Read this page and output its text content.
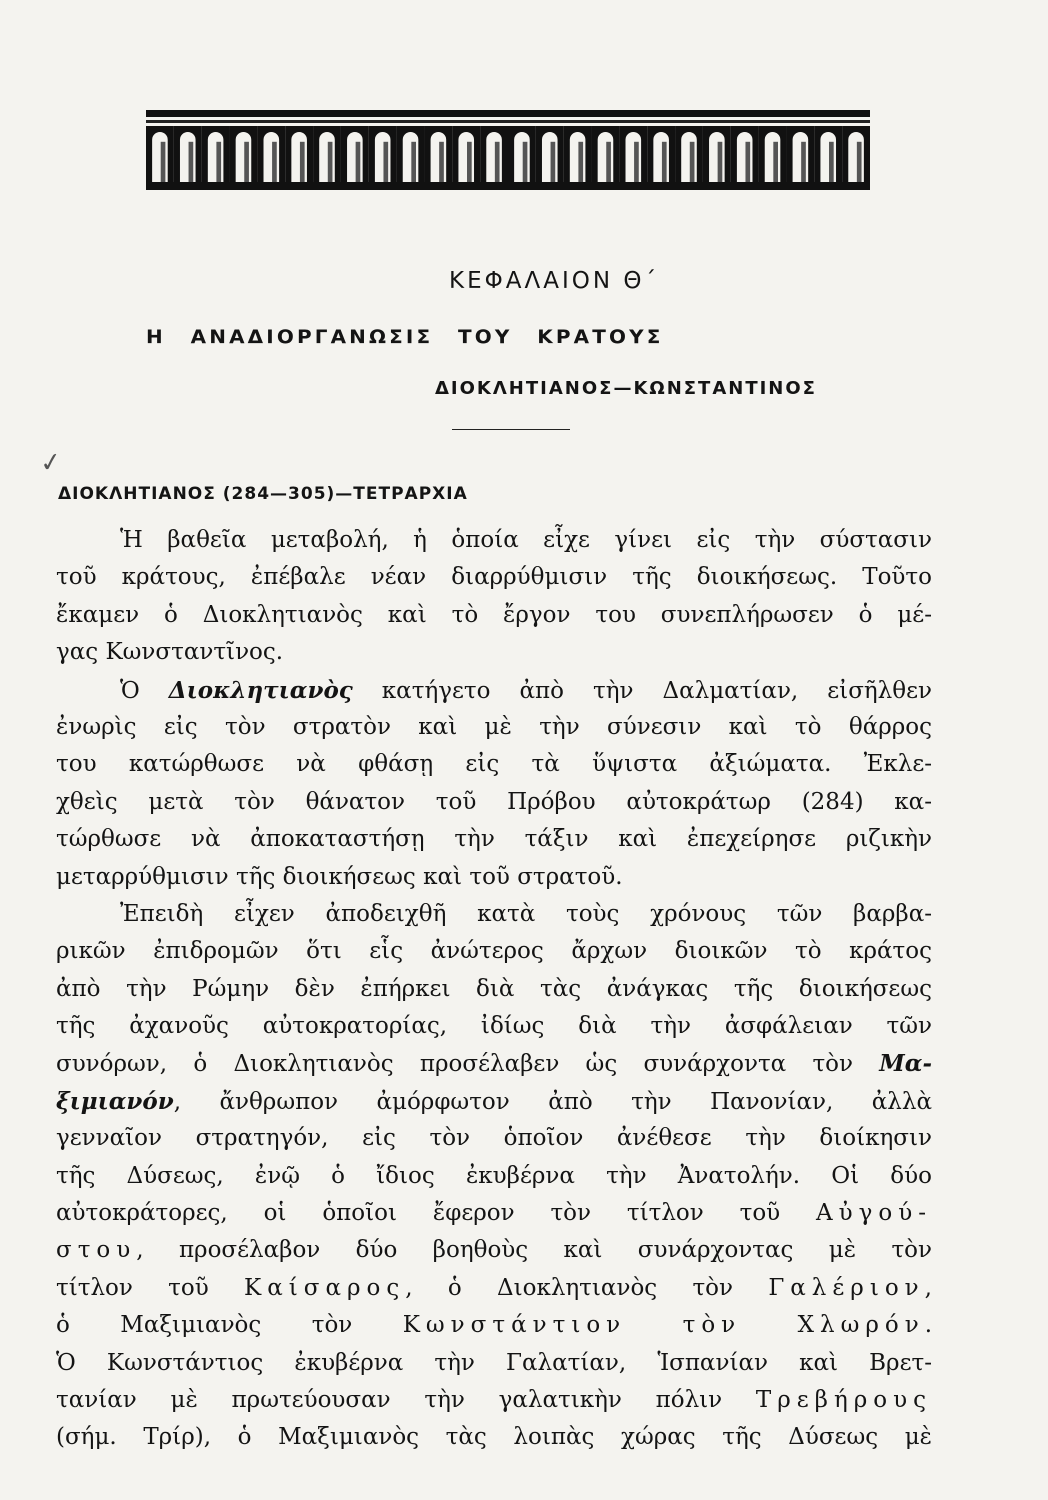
ΚΕΦΑΛΑΙΟΝ Θ΄
Η ΑΝΑΔΙΟΡΓΑΝΩΣΙΣ ΤΟΥ ΚΡΑΤΟΥΣ
ΔΙΟΚΛΗΤΙΑΝΟΣ—ΚΩΝΣΤΑΝΤΙΝΟΣ
✓
ΔΙΟΚΛΗΤΙΑΝΟΣ (284—305)—ΤΕΤΡΑΡΧΙΑ
Ἡ βαθεῖα μεταβολή, ἡ ὁποία εἶχε γίνει εἰς τὴν σύστασιν
τοῦ κράτους, ἐπέβαλε νέαν διαρρύθμισιν τῆς διοικήσεως. Τοῦτο
ἔκαμεν ὁ Διοκλητιανὸς καὶ τὸ ἔργον του συνεπλήρωσεν ὁ μέ-
γας Κωνσταντῖνος.
Ὁ Διοκλητιανὸς κατήγετο ἀπὸ τὴν Δαλματίαν, εἰσῆλθεν
ἐνωρὶς εἰς τὸν στρατὸν καὶ μὲ τὴν σύνεσιν καὶ τὸ θάρρος
του κατώρθωσε νὰ φθάσῃ εἰς τὰ ὕψιστα ἀξιώματα. Ἐκλε-
χθεὶς μετὰ τὸν θάνατον τοῦ Πρόβου αὐτοκράτωρ (284) κα-
τώρθωσε νὰ ἀποκαταστήσῃ τὴν τάξιν καὶ ἐπεχείρησε ριζικὴν
μεταρρύθμισιν τῆς διοικήσεως καὶ τοῦ στρατοῦ.
Ἐπειδὴ εἶχεν ἀποδειχθῆ κατὰ τοὺς χρόνους τῶν βαρβα-
ρικῶν ἐπιδρομῶν ὅτι εἷς ἀνώτερος ἄρχων διοικῶν τὸ κράτος
ἀπὸ τὴν Ρώμην δὲν ἐπήρκει διὰ τὰς ἀνάγκας τῆς διοικήσεως
τῆς ἀχανοῦς αὐτοκρατορίας, ἰδίως διὰ τὴν ἀσφάλειαν τῶν
συνόρων, ὁ Διοκλητιανὸς προσέλαβεν ὡς συνάρχοντα τὸν Μα-
ξιμιανόν, ἄνθρωπον ἀμόρφωτον ἀπὸ τὴν Πανονίαν, ἀλλὰ
γενναῖον στρατηγόν, εἰς τὸν ὁποῖον ἀνέθεσε τὴν διοίκησιν
τῆς Δύσεως, ἐνῷ ὁ ἴδιος ἐκυβέρνα τὴν Ἀνατολήν. Οἱ δύο
αὐτοκράτορες, οἱ ὁποῖοι ἔφερον τὸν τίτλον τοῦ Αὐγού-
στου, προσέλαβον δύο βοηθοὺς καὶ συνάρχοντας μὲ τὸν
τίτλον τοῦ Καίσαρος, ὁ Διοκλητιανὸς τὸν Γαλέριον,
ὁ Μαξιμιανὸς τὸν Κωνστάντιον τὸν Χλωρόν.
Ὁ Κωνστάντιος ἐκυβέρνα τὴν Γαλατίαν, Ἱσπανίαν καὶ Βρετ-
τανίαν μὲ πρωτεύουσαν τὴν γαλατικὴν πόλιν Τρεβήρους
(σήμ. Τρίρ), ὁ Μαξιμιανὸς τὰς λοιπὰς χώρας τῆς Δύσεως μὲ
